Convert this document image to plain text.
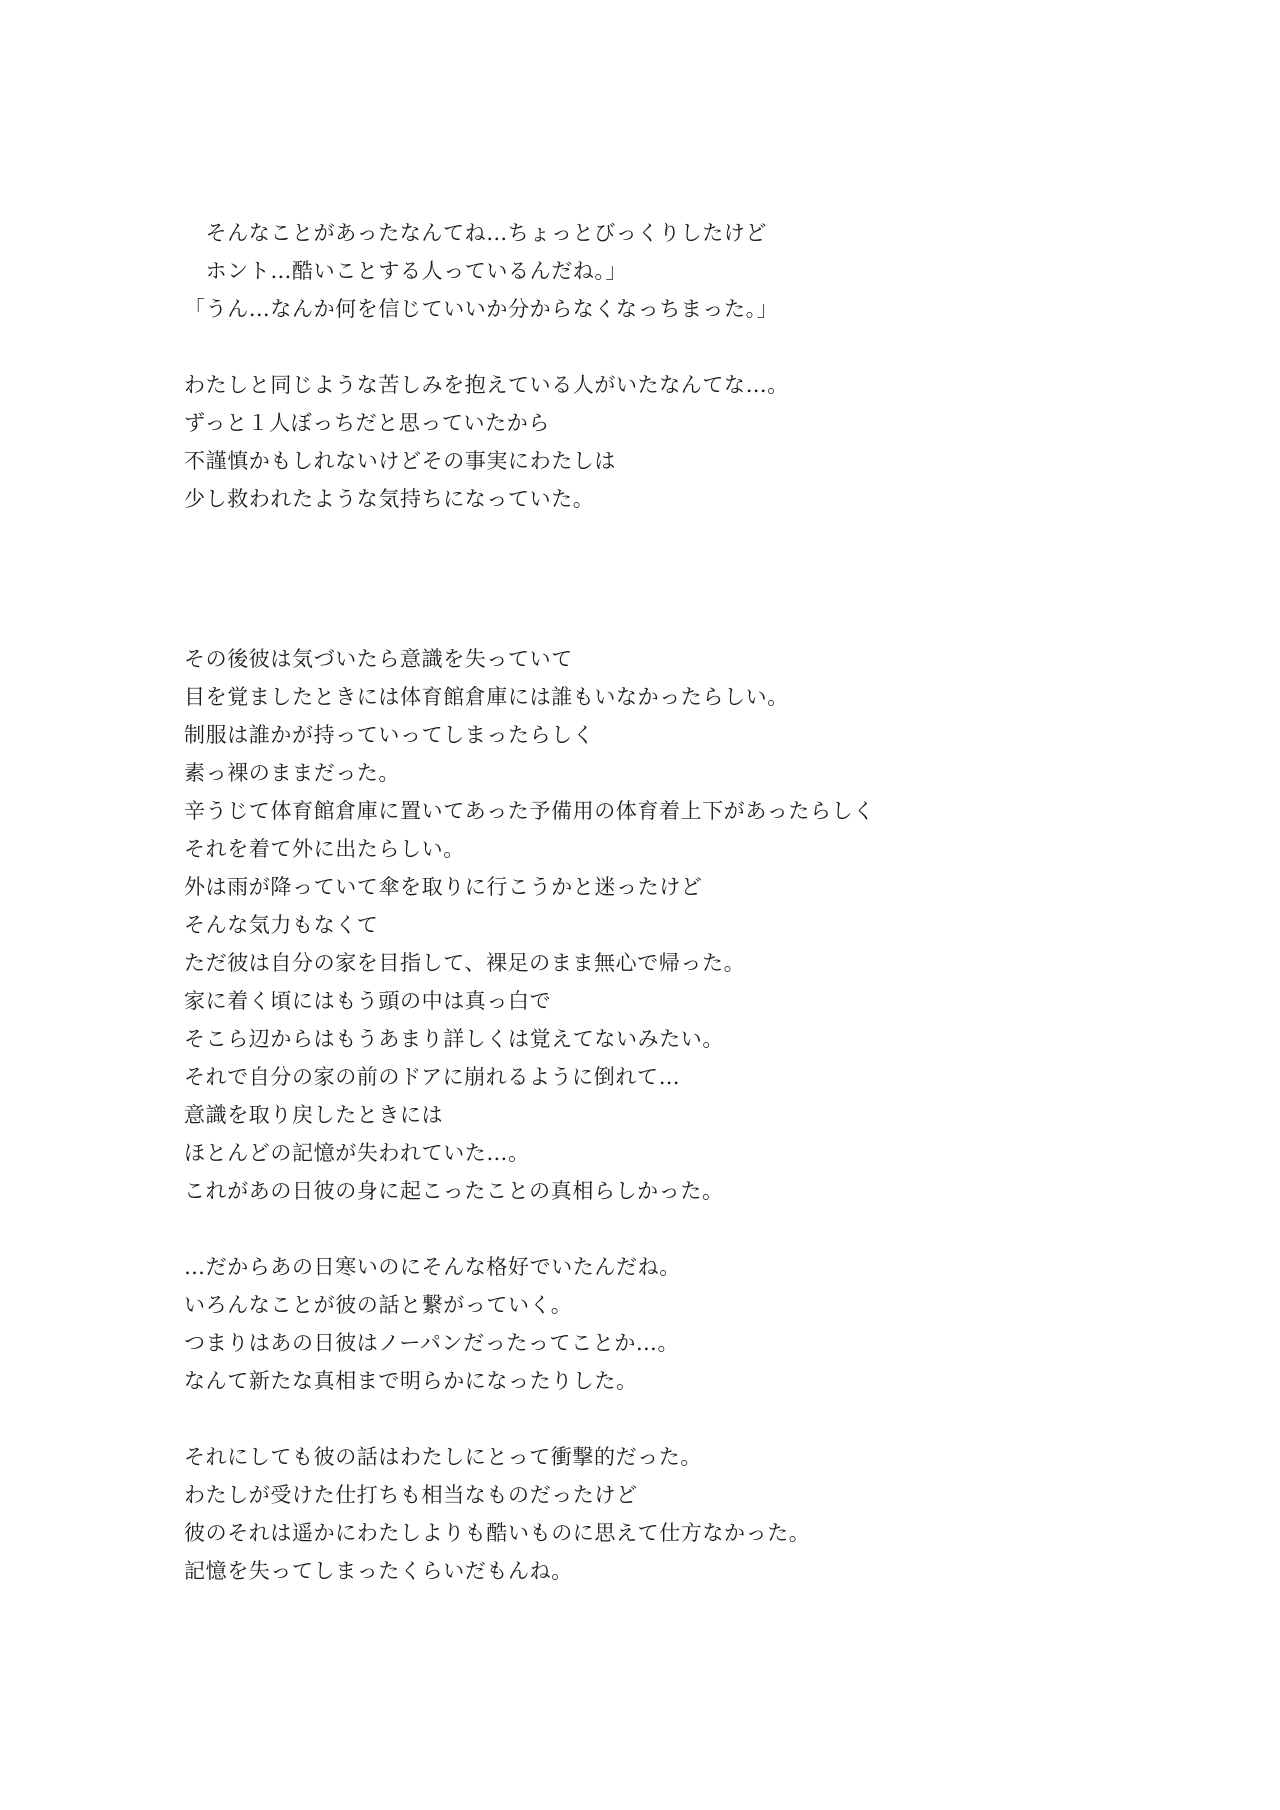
　そんなことがあったなんてね…ちょっとびっくりしたけど

　ホント…酷いことする人っているんだね。」

「うん…なんか何を信じていいか分からなくなっちまった。」

わたしと同じような苦しみを抱えている人がいたなんてな…。

ずっと１人ぼっちだと思っていたから

不謹慎かもしれないけどその事実にわたしは

少し救われたような気持ちになっていた。

その後彼は気づいたら意識を失っていて

目を覚ましたときには体育館倉庫には誰もいなかったらしい。

制服は誰かが持っていってしまったらしく

素っ裸のままだった。

辛うじて体育館倉庫に置いてあった予備用の体育着上下があったらしく

それを着て外に出たらしい。

外は雨が降っていて傘を取りに行こうかと迷ったけど

そんな気力もなくて

ただ彼は自分の家を目指して、裸足のまま無心で帰った。

家に着く頃にはもう頭の中は真っ白で

そこら辺からはもうあまり詳しくは覚えてないみたい。

それで自分の家の前のドアに崩れるように倒れて…

意識を取り戻したときには

ほとんどの記憶が失われていた…。

これがあの日彼の身に起こったことの真相らしかった。

…だからあの日寒いのにそんな格好でいたんだね。

いろんなことが彼の話と繋がっていく。

つまりはあの日彼はノーパンだったってことか…。

なんて新たな真相まで明らかになったりした。

それにしても彼の話はわたしにとって衝撃的だった。

わたしが受けた仕打ちも相当なものだったけど

彼のそれは遥かにわたしよりも酷いものに思えて仕方なかった。

記憶を失ってしまったくらいだもんね。
